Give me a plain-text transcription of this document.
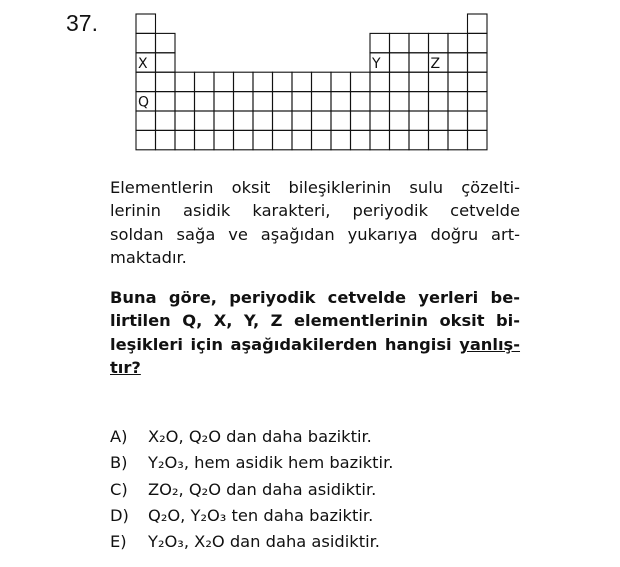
37.
X	Y	Z
Q
Elementlerin oksit bileşiklerinin sulu çözelti-
lerinin asidik karakteri, periyodik cetvelde
soldan sağa ve aşağıdan yukarıya doğru art-
maktadır.
Buna göre, periyodik cetvelde yerleri be-
lirtilen Q, X, Y, Z elementlerinin oksit bi-
leşikleri için aşağıdakilerden hangisi yanlış-
tır?
A) X₂O, Q₂O dan daha baziktir.
B) Y₂O₃, hem asidik hem baziktir.
C) ZO₂, Q₂O dan daha asidiktir.
D) Q₂O, Y₂O₃ ten daha baziktir.
E) Y₂O₃, X₂O dan daha asidiktir.
